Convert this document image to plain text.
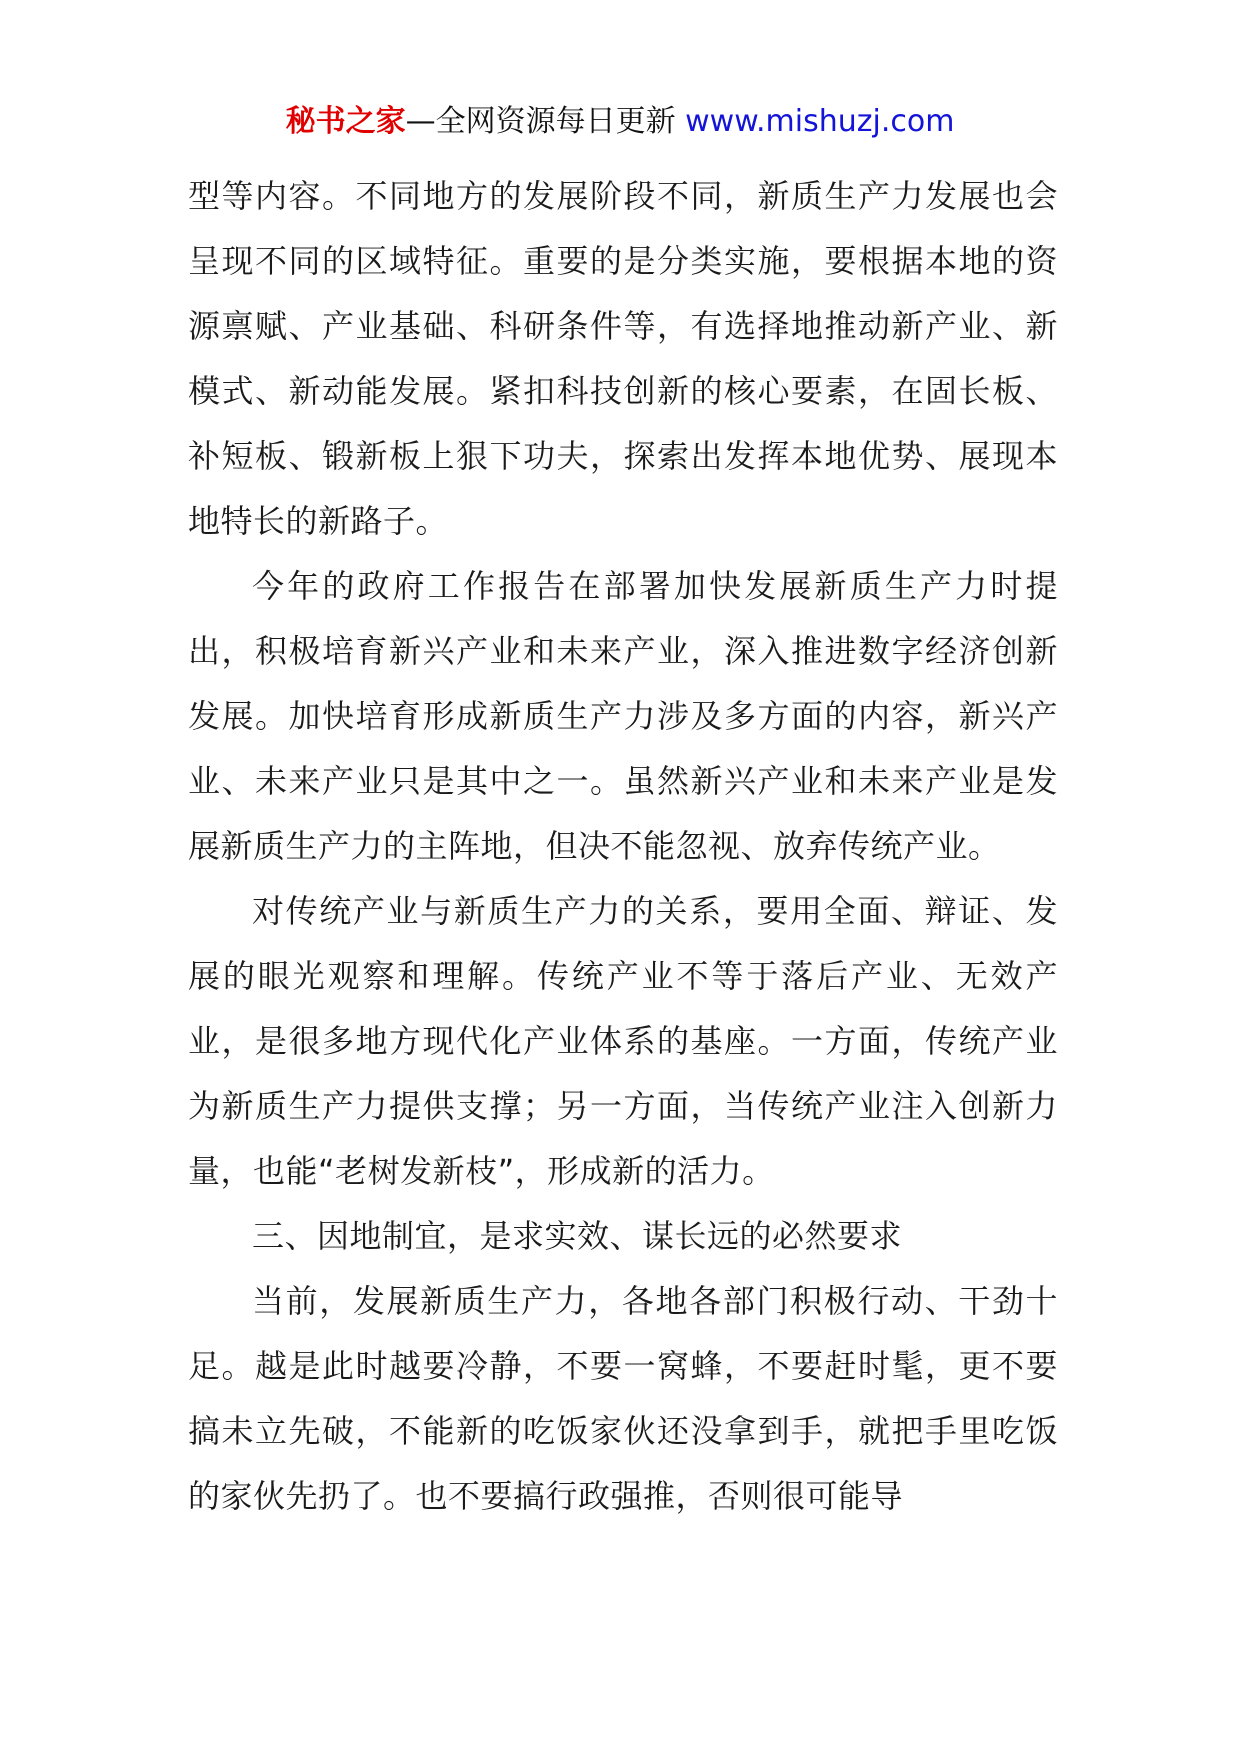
秘书之家—全网资源每日更新 www.mishuzj.com

型等内容。不同地方的发展阶段不同，新质生产力发展也会呈现不同的区域特征。重要的是分类实施，要根据本地的资源禀赋、产业基础、科研条件等，有选择地推动新产业、新模式、新动能发展。紧扣科技创新的核心要素，在固长板、补短板、锻新板上狠下功夫，探索出发挥本地优势、展现本地特长的新路子。

今年的政府工作报告在部署加快发展新质生产力时提出，积极培育新兴产业和未来产业，深入推进数字经济创新发展。加快培育形成新质生产力涉及多方面的内容，新兴产业、未来产业只是其中之一。虽然新兴产业和未来产业是发展新质生产力的主阵地，但决不能忽视、放弃传统产业。

对传统产业与新质生产力的关系，要用全面、辩证、发展的眼光观察和理解。传统产业不等于落后产业、无效产业，是很多地方现代化产业体系的基座。一方面，传统产业为新质生产力提供支撑；另一方面，当传统产业注入创新力量，也能“老树发新枝”，形成新的活力。

三、因地制宜，是求实效、谋长远的必然要求

当前，发展新质生产力，各地各部门积极行动、干劲十足。越是此时越要冷静，不要一窝蜂，不要赶时髦，更不要搞未立先破，不能新的吃饭家伙还没拿到手，就把手里吃饭的家伙先扔了。也不要搞行政强推，否则很可能导
